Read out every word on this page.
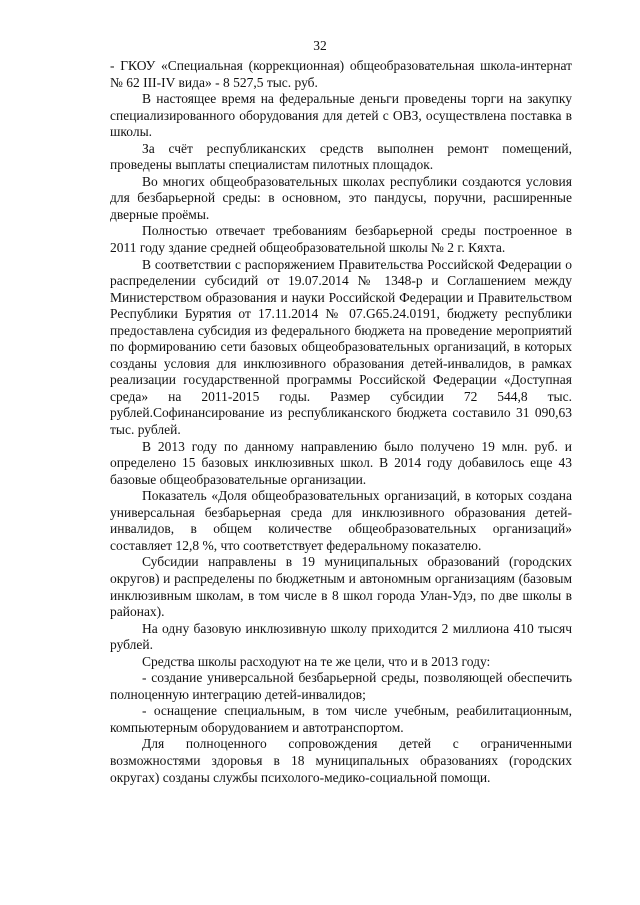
32

- ГКОУ «Специальная (коррекционная) общеобразовательная школа-интернат № 62 III-IV вида» - 8 527,5 тыс. руб.

В настоящее время на федеральные деньги проведены торги на закупку специализированного оборудования для детей с ОВЗ, осуществлена поставка в школы.

За счёт республиканских средств выполнен ремонт помещений, проведены выплаты специалистам пилотных площадок.

Во многих общеобразовательных школах республики создаются условия для безбарьерной среды: в основном, это пандусы, поручни, расширенные дверные проёмы.

Полностью отвечает требованиям безбарьерной среды построенное в 2011 году здание средней общеобразовательной школы № 2 г. Кяхта.

В соответствии с распоряжением Правительства Российской Федерации о распределении субсидий от 19.07.2014 № 1348-р и Соглашением между Министерством образования и науки Российской Федерации и Правительством Республики Бурятия от 17.11.2014 № 07.G65.24.0191, бюджету республики предоставлена субсидия из федерального бюджета на проведение мероприятий по формированию сети базовых общеобразовательных организаций, в которых созданы условия для инклюзивного образования детей-инвалидов, в рамках реализации государственной программы Российской Федерации «Доступная среда» на 2011-2015 годы. Размер субсидии 72 544,8 тыс. рублей.Софинансирование из республиканского бюджета составило 31 090,63 тыс. рублей.

В 2013 году по данному направлению было получено 19 млн. руб. и определено 15 базовых инклюзивных школ. В 2014 году добавилось еще 43 базовые общеобразовательные организации.

Показатель «Доля общеобразовательных организаций, в которых создана универсальная безбарьерная среда для инклюзивного образования детей-инвалидов, в общем количестве общеобразовательных организаций» составляет 12,8 %, что соответствует федеральному показателю.

Субсидии направлены в 19 муниципальных образований (городских округов) и распределены по бюджетным и автономным организациям (базовым инклюзивным школам, в том числе в 8 школ города Улан-Удэ, по две школы в районах).

На одну базовую инклюзивную школу приходится 2 миллиона 410 тысяч рублей.

Средства школы расходуют на те же цели, что и в 2013 году:

- создание универсальной безбарьерной среды, позволяющей обеспечить полноценную интеграцию детей-инвалидов;

- оснащение специальным, в том числе учебным, реабилитационным, компьютерным оборудованием и автотранспортом.

Для полноценного сопровождения детей с ограниченными возможностями здоровья в 18 муниципальных образованиях (городских округах) созданы службы психолого-медико-социальной помощи.
